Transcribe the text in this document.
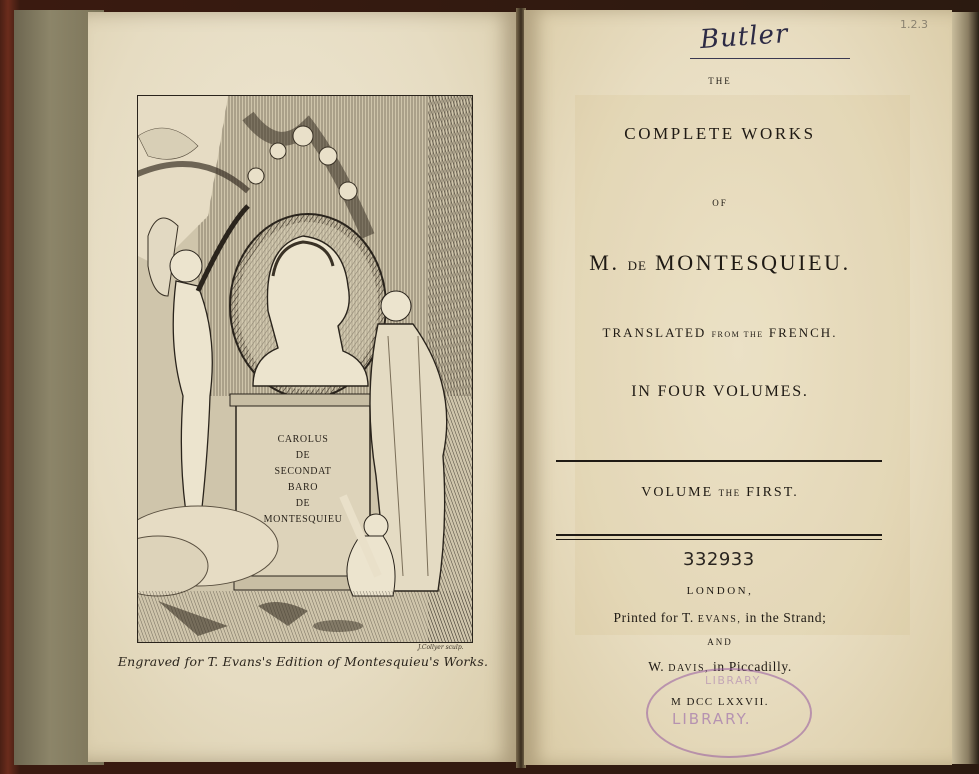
CAROLUS
DE
SECONDAT
BARO
DE
MONTESQUIEU
J.Collyer sculp.
Engraved for T. Evans's Edition of Montesquieu's Works.
Butler	1.2.3
THE
COMPLETE WORKS
OF
M. DE MONTESQUIEU.
TRANSLATED FROM THE FRENCH.
IN FOUR VOLUMES.
VOLUME THE FIRST.
332933
LONDON,
Printed for T. EVANS, in the Strand;
AND
W. DAVIS, in Piccadilly.
M DCC LXXVII.
LIBRARY
LIBRARY.
